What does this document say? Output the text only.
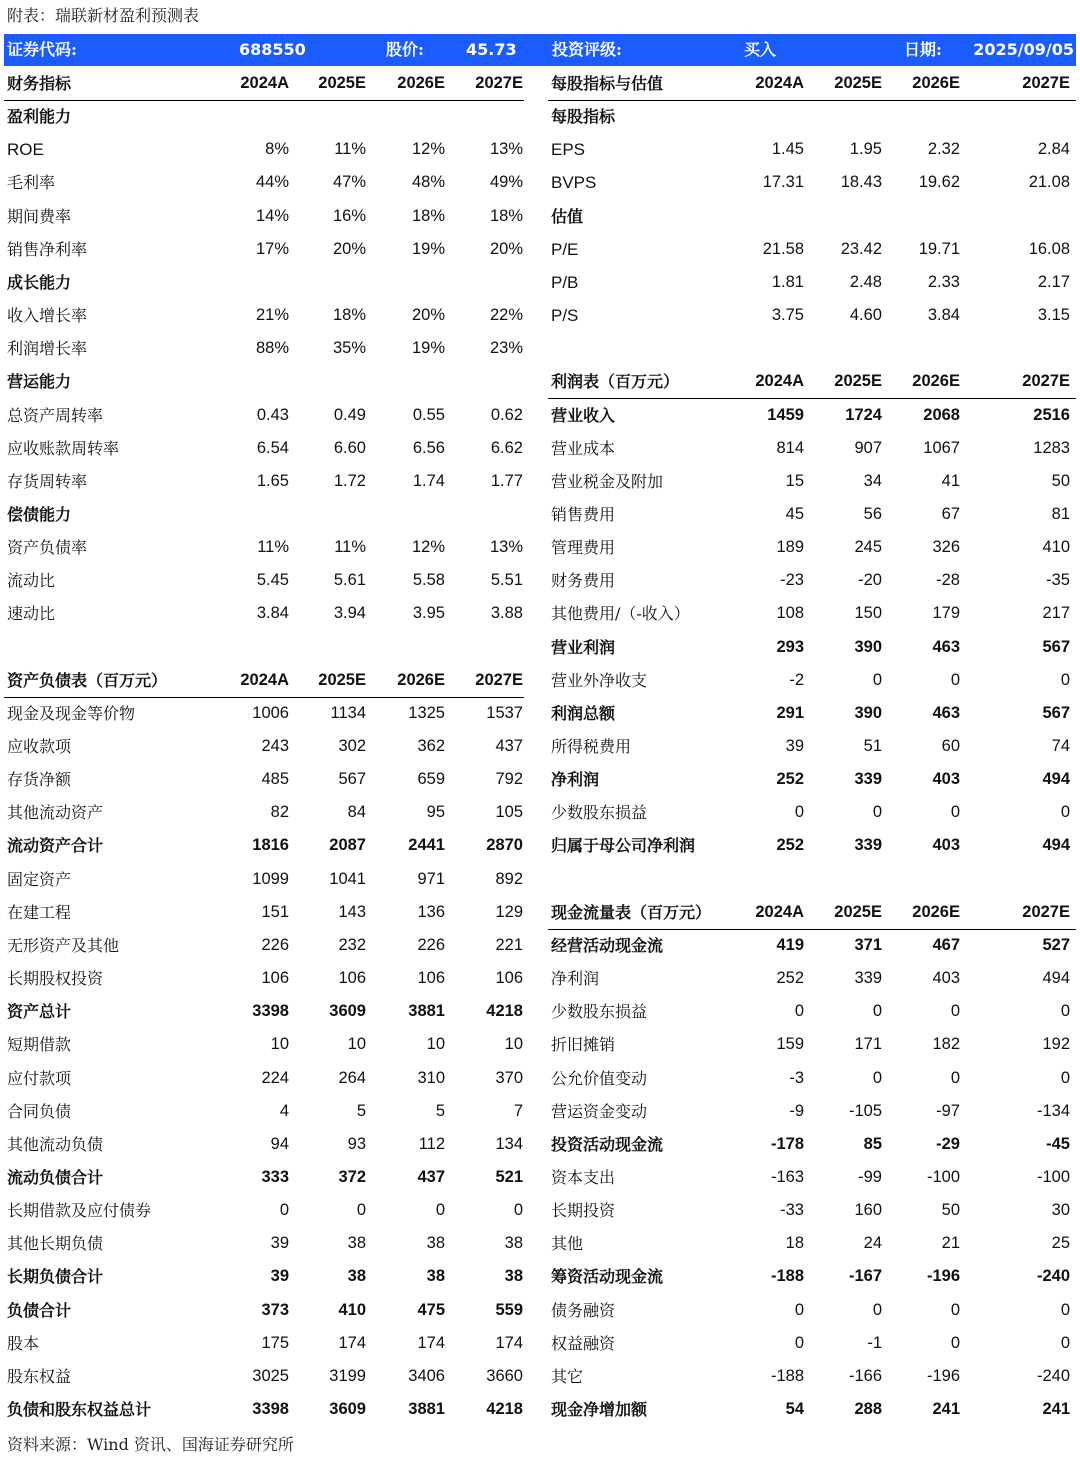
附表：瑞联新材盈利预测表
证券代码:	688550	股价:	45.73 投资评级:	买入	日期: 2025/09/05
财务指标	2024A 2025E 2026E 2027E
盈利能力
ROE	8%	11%	12%	13%
毛利率	44%	47%	48%	49%
期间费率	14%	16%	18%	18%
销售净利率	17%	20%	19%	20%
成长能力
收入增长率	21%	18%	20%	22%
利润增长率	88%	35%	19%	23%
营运能力
总资产周转率	0.43	0.49	0.55	0.62
应收账款周转率	6.54	6.60	6.56	6.62
存货周转率	1.65	1.72	1.74	1.77
偿债能力
资产负债率	11%	11%	12%	13%
流动比	5.45	5.61	5.58	5.51
速动比	3.84	3.94	3.95	3.88
资产负债表（百万元）	2024A 2025E 2026E 2027E
现金及现金等价物	1006	1134	1325	1537
应收款项	243	302	362	437
存货净额	485	567	659	792
其他流动资产	82	84	95	105
流动资产合计	1816 2087	2441	2870
固定资产	1099 1041	971	892
在建工程	151	143	136	129
无形资产及其他	226	232	226	221
长期股权投资	106	106	106	106
资产总计	3398 3609	3881	4218
短期借款	10	10	10	10
应付款项	224	264	310	370
合同负债	4	5	5	7
其他流动负债	94	93	112	134
流动负债合计	333	372	437	521
长期借款及应付债券	0	0	0	0
其他长期负债	39	38	38	38
长期负债合计	39	38	38	38
负债合计	373	410	475	559
股本	175	174	174	174
股东权益	3025 3199	3406	3660
负债和股东权益总计	3398 3609	3881	4218
每股指标与估值	2024A 2025E 2026E	2027E
每股指标
EPS	1.45	1.95	2.32	2.84
BVPS	17.31 18.43 19.62	21.08
估值
P/E	21.58 23.42 19.71	16.08
P/B	1.81	2.48	2.33	2.17
P/S	3.75	4.60	3.84	3.15
利润表（百万元）	2024A 2025E 2026E	2027E
营业收入	1459	1724	2068	2516
营业成本	814	907	1067	1283
营业税金及附加	15	34	41	50
销售费用	45	56	67	81
管理费用	189	245	326	410
财务费用	-23	-20	-28	-35
其他费用/（-收入）	108	150	179	217
营业利润	293	390	463	567
营业外净收支	-2	0	0	0
利润总额	291	390	463	567
所得税费用	39	51	60	74
净利润	252	339	403	494
少数股东损益	0	0	0	0
归属于母公司净利润	252	339	403	494
现金流量表（百万元）	2024A 2025E 2026E	2027E
经营活动现金流	419	371	467	527
净利润	252	339	403	494
少数股东损益	0	0	0	0
折旧摊销	159	171	182	192
公允价值变动	-3	0	0	0
营运资金变动	-9	-105	-97	-134
投资活动现金流	-178	85	-29	-45
资本支出	-163	-99	-100	-100
长期投资	-33	160	50	30
其他	18	24	21	25
筹资活动现金流	-188	-167	-196	-240
债务融资	0	0	0	0
权益融资	0	-1	0	0
其它	-188	-166	-196	-240
现金净增加额	54	288	241	241
资料来源：Wind 资讯、国海证券研究所
